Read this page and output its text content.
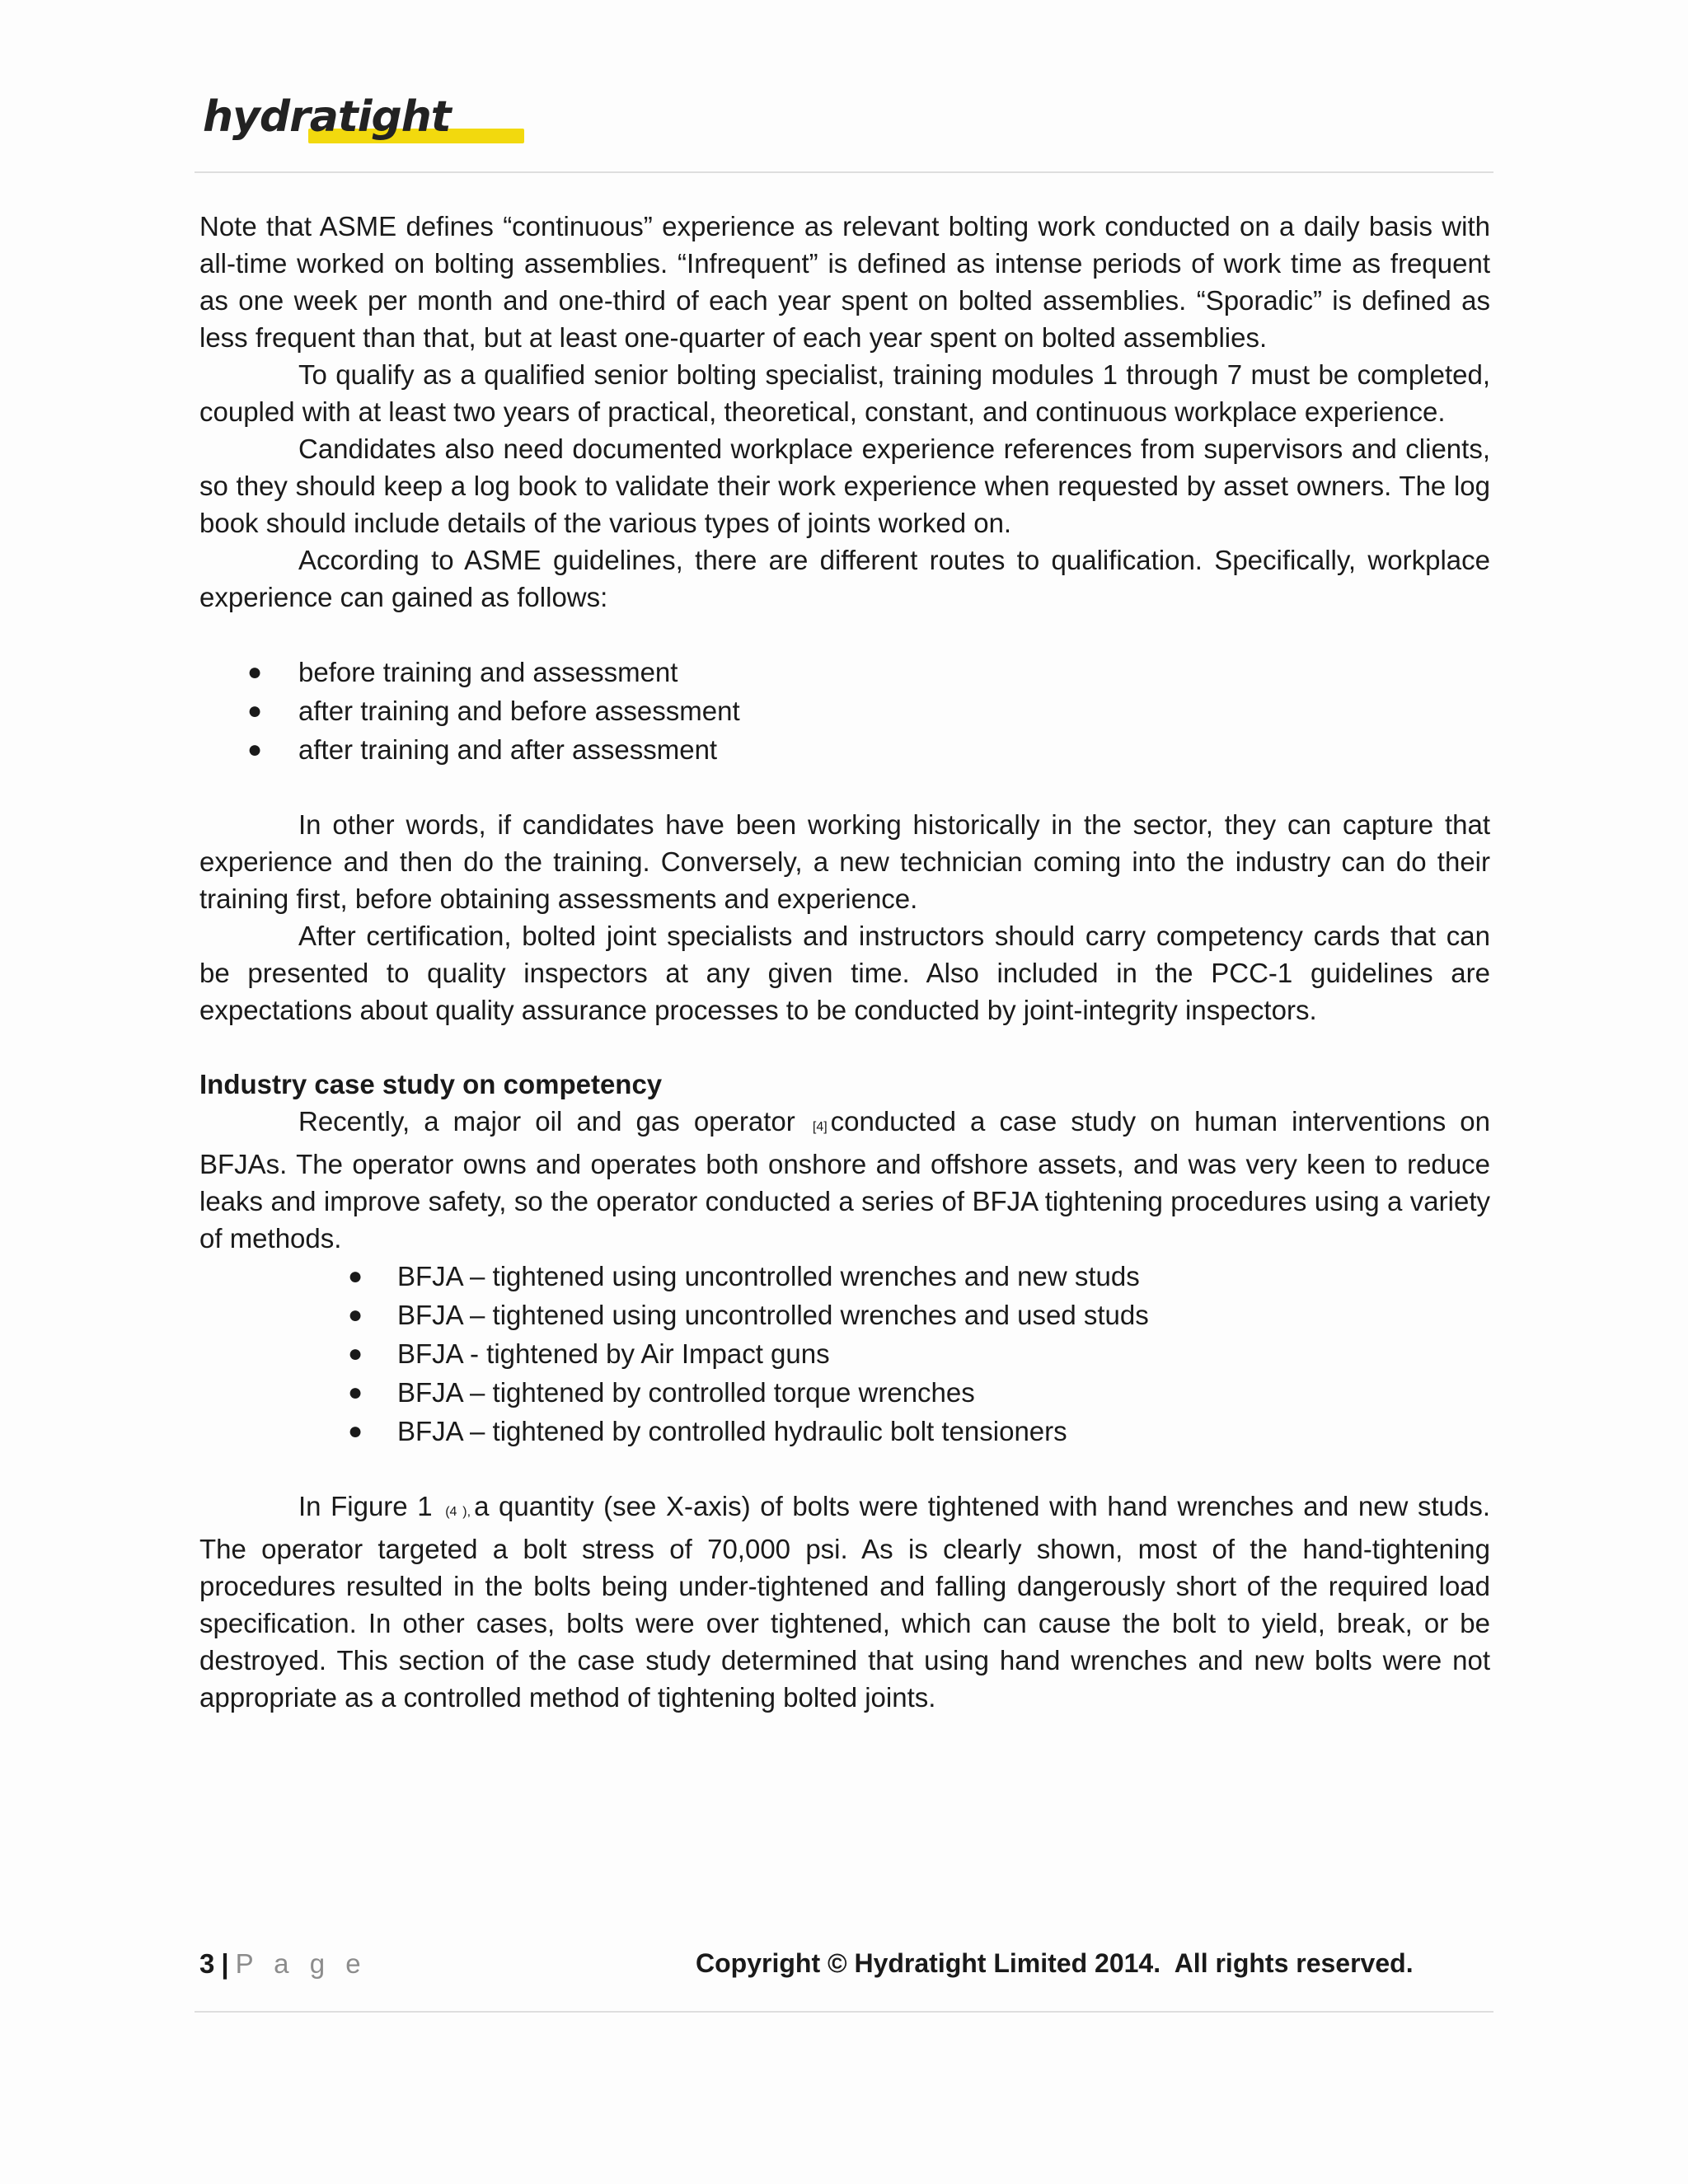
hydratight

Note that ASME defines “continuous” experience as relevant bolting work conducted on a daily basis with all-time worked on bolting assemblies. “Infrequent” is defined as intense periods of work time as frequent as one week per month and one-third of each year spent on bolted assemblies. “Sporadic” is defined as less frequent than that, but at least one-quarter of each year spent on bolted assemblies.

To qualify as a qualified senior bolting specialist, training modules 1 through 7 must be completed, coupled with at least two years of practical, theoretical, constant, and continuous workplace experience.

Candidates also need documented workplace experience references from supervisors and clients, so they should keep a log book to validate their work experience when requested by asset owners. The log book should include details of the various types of joints worked on.

According to ASME guidelines, there are different routes to qualification. Specifically, workplace experience can gained as follows:

● before training and assessment
● after training and before assessment
● after training and after assessment

In other words, if candidates have been working historically in the sector, they can capture that experience and then do the training. Conversely, a new technician coming into the industry can do their training first, before obtaining assessments and experience.

After certification, bolted joint specialists and instructors should carry competency cards that can be presented to quality inspectors at any given time. Also included in the PCC-1 guidelines are expectations about quality assurance processes to be conducted by joint-integrity inspectors.

Industry case study on competency

Recently, a major oil and gas operator [4] conducted a case study on human interventions on BFJAs. The operator owns and operates both onshore and offshore assets, and was very keen to reduce leaks and improve safety, so the operator conducted a series of BFJA tightening procedures using a variety of methods.

● BFJA – tightened using uncontrolled wrenches and new studs
● BFJA – tightened using uncontrolled wrenches and used studs
● BFJA - tightened by Air Impact guns
● BFJA – tightened by controlled torque wrenches
● BFJA – tightened by controlled hydraulic bolt tensioners

In Figure 1 (4 ), a quantity (see X-axis) of bolts were tightened with hand wrenches and new studs. The operator targeted a bolt stress of 70,000 psi. As is clearly shown, most of the hand-tightening procedures resulted in the bolts being under-tightened and falling dangerously short of the required load specification. In other cases, bolts were over tightened, which can cause the bolt to yield, break, or be destroyed. This section of the case study determined that using hand wrenches and new bolts were not appropriate as a controlled method of tightening bolted joints.

3 | P a g e	Copyright © Hydratight Limited 2014.  All rights reserved.
